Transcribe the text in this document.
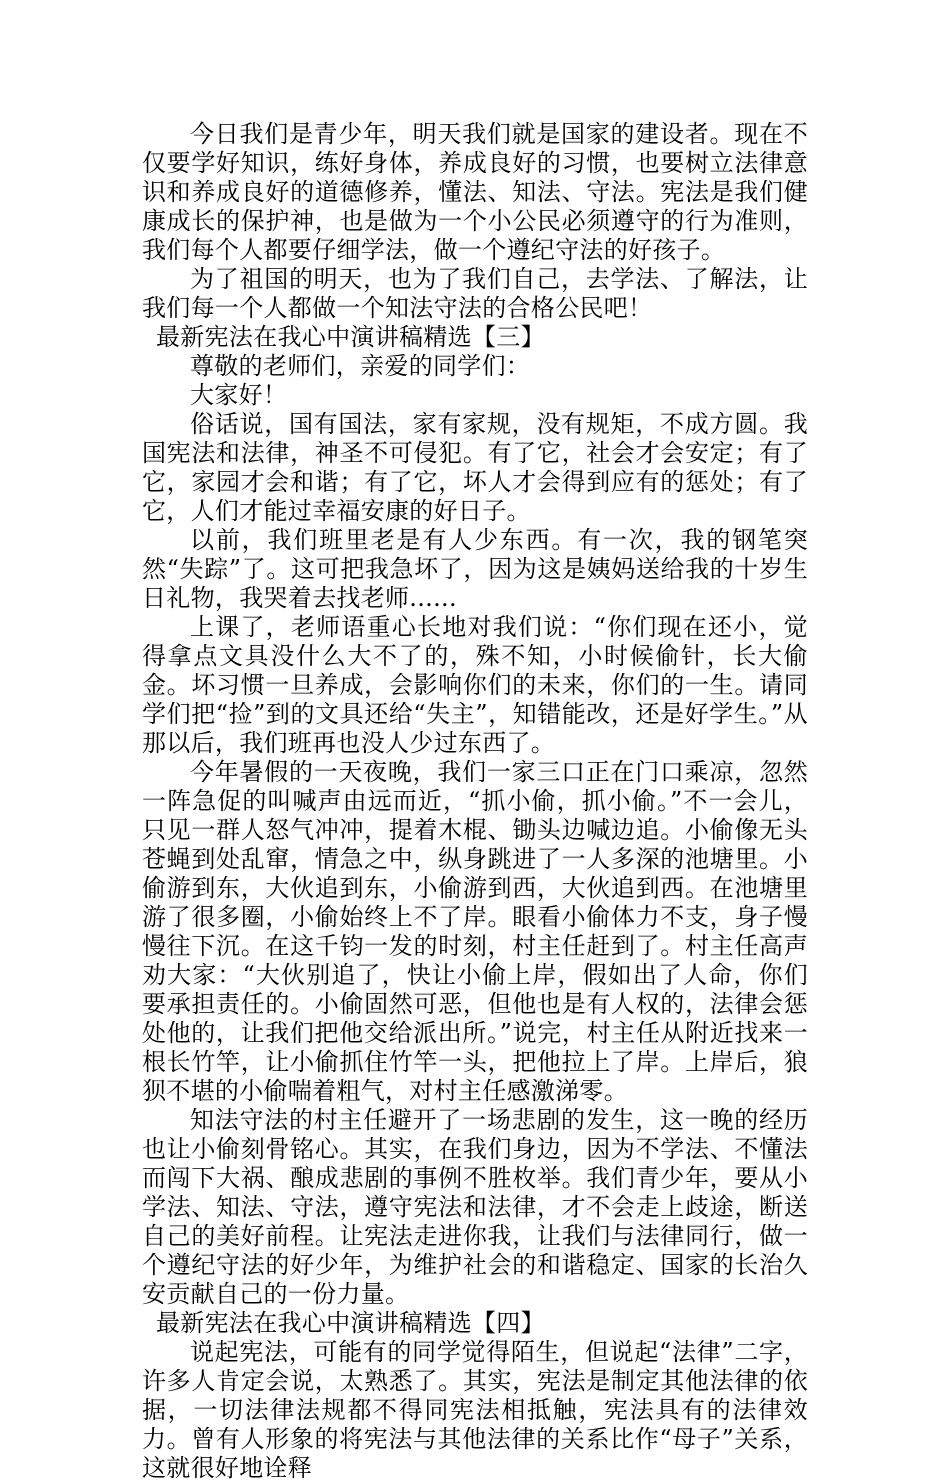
今日我们是青少年，明天我们就是国家的建设者。现在不仅要学好知识，练好身体，养成良好的习惯，也要树立法律意识和养成良好的道德修养，懂法、知法、守法。宪法是我们健康成长的保护神，也是做为一个小公民必须遵守的行为准则，我们每个人都要仔细学法，做一个遵纪守法的好孩子。

为了祖国的明天，也为了我们自己，去学法、了解法，让我们每一个人都做一个知法守法的合格公民吧！

最新宪法在我心中演讲稿精选【三】

尊敬的老师们，亲爱的同学们：

大家好！

俗话说，国有国法，家有家规，没有规矩，不成方圆。我国宪法和法律，神圣不可侵犯。有了它，社会才会安定；有了它，家园才会和谐；有了它，坏人才会得到应有的惩处；有了它，人们才能过幸福安康的好日子。

以前，我们班里老是有人少东西。有一次，我的钢笔突然“失踪”了。这可把我急坏了，因为这是姨妈送给我的十岁生日礼物，我哭着去找老师......

上课了，老师语重心长地对我们说：“你们现在还小，觉得拿点文具没什么大不了的，殊不知，小时候偷针，长大偷金。坏习惯一旦养成，会影响你们的未来，你们的一生。请同学们把“捡”到的文具还给“失主”，知错能改，还是好学生。”从那以后，我们班再也没人少过东西了。

今年暑假的一天夜晚，我们一家三口正在门口乘凉，忽然一阵急促的叫喊声由远而近，“抓小偷，抓小偷。”不一会儿，只见一群人怒气冲冲，提着木棍、锄头边喊边追。小偷像无头苍蝇到处乱窜，情急之中，纵身跳进了一人多深的池塘里。小偷游到东，大伙追到东，小偷游到西，大伙追到西。在池塘里游了很多圈，小偷始终上不了岸。眼看小偷体力不支，身子慢慢往下沉。在这千钧一发的时刻，村主任赶到了。村主任高声劝大家：“大伙别追了，快让小偷上岸，假如出了人命，你们要承担责任的。小偷固然可恶，但他也是有人权的，法律会惩处他的，让我们把他交给派出所。”说完，村主任从附近找来一根长竹竿，让小偷抓住竹竿一头，把他拉上了岸。上岸后，狼狈不堪的小偷喘着粗气，对村主任感激涕零。

知法守法的村主任避开了一场悲剧的发生，这一晚的经历也让小偷刻骨铭心。其实，在我们身边，因为不学法、不懂法而闯下大祸、酿成悲剧的事例不胜枚举。我们青少年，要从小学法、知法、守法，遵守宪法和法律，才不会走上歧途，断送自己的美好前程。让宪法走进你我，让我们与法律同行，做一个遵纪守法的好少年，为维护社会的和谐稳定、国家的长治久安贡献自己的一份力量。

最新宪法在我心中演讲稿精选【四】

说起宪法，可能有的同学觉得陌生，但说起“法律”二字，许多人肯定会说，太熟悉了。其实，宪法是制定其他法律的依据，一切法律法规都不得同宪法相抵触，宪法具有的法律效力。曾有人形象的将宪法与其他法律的关系比作“母子”关系，这就很好地诠释
